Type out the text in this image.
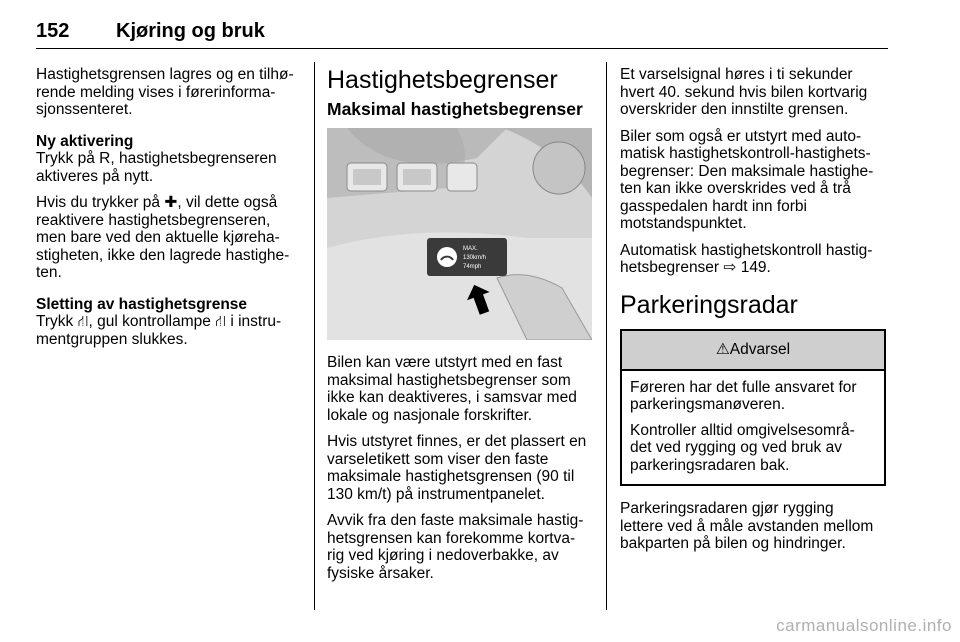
152 Kjøring og bruk

Hastighetsgrensen lagres og en tilhø-
rende melding vises i førerinforma-
sjonssenteret.

Ny aktivering

Trykk på R, hastighetsbegrenseren
aktiveres på nytt.

Hvis du trykker på ✚, vil dette også
reaktivere hastighetsbegrenseren,
men bare ved den aktuelle kjøreha-
stigheten, ikke den lagrede hastighe-
ten.

Sletting av hastighetsgrense

Trykk ⛙, gul kontrollampe ⛙ i instru-
mentgruppen slukkes.

Hastighetsbegrenser
Maksimal hastighetsbegrenser
MAX.
130km/h
74mph

Bilen kan være utstyrt med en fast
maksimal hastighetsbegrenser som
ikke kan deaktiveres, i samsvar med
lokale og nasjonale forskrifter.

Hvis utstyret finnes, er det plassert en
varseletikett som viser den faste
maksimale hastighetsgrensen (90 til
130 km/t) på instrumentpanelet.

Avvik fra den faste maksimale hastig-
hetsgrensen kan forekomme kortva-
rig ved kjøring i nedoverbakke, av
fysiske årsaker.

Et varselsignal høres i ti sekunder
hvert 40. sekund hvis bilen kortvarig
overskrider den innstilte grensen.

Biler som også er utstyrt med auto-
matisk hastighetskontroll-hastighets-
begrenser: Den maksimale hastighe-
ten kan ikke overskrides ved å trå
gasspedalen hardt inn forbi
motstandspunktet.

Automatisk hastighetskontroll hastig-
hetsbegrenser ⇨ 149.

Parkeringsradar
⚠Advarsel

Føreren har det fulle ansvaret for
parkeringsmanøveren.

Kontroller alltid omgivelsesområ-
det ved rygging og ved bruk av
parkeringsradaren bak.

Parkeringsradaren gjør rygging
lettere ved å måle avstanden mellom
bakparten på bilen og hindringer.

carmanualsonline.info
